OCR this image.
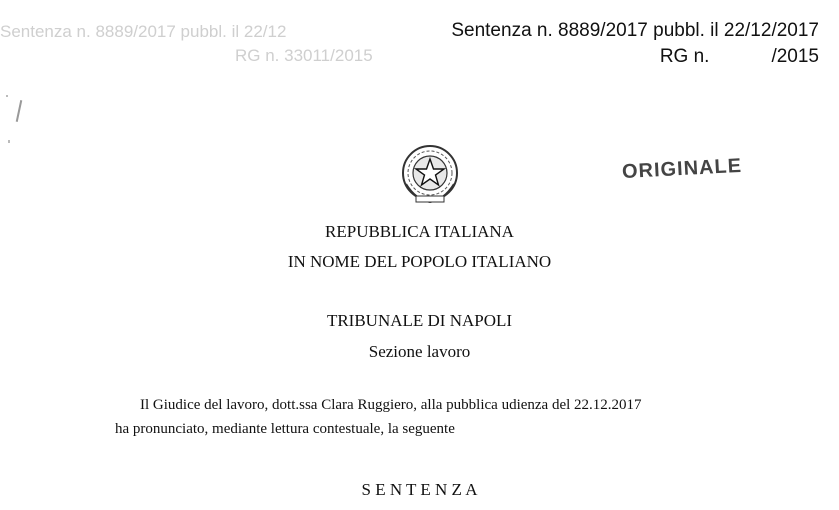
Sentenza n. 8889/2017 pubbl. il 22/12
RG n. 33011/2015
Sentenza n. 8889/2017 pubbl. il 22/12/2017
RG n.	/2015
ORIGINALE
REPUBBLICA ITALIANA
IN NOME DEL POPOLO ITALIANO
TRIBUNALE DI NAPOLI
Sezione lavoro
Il Giudice del lavoro, dott.ssa Clara Ruggiero, alla pubblica udienza del 22.12.2017
ha pronunciato, mediante lettura contestuale, la seguente
S E N T E N Z A
